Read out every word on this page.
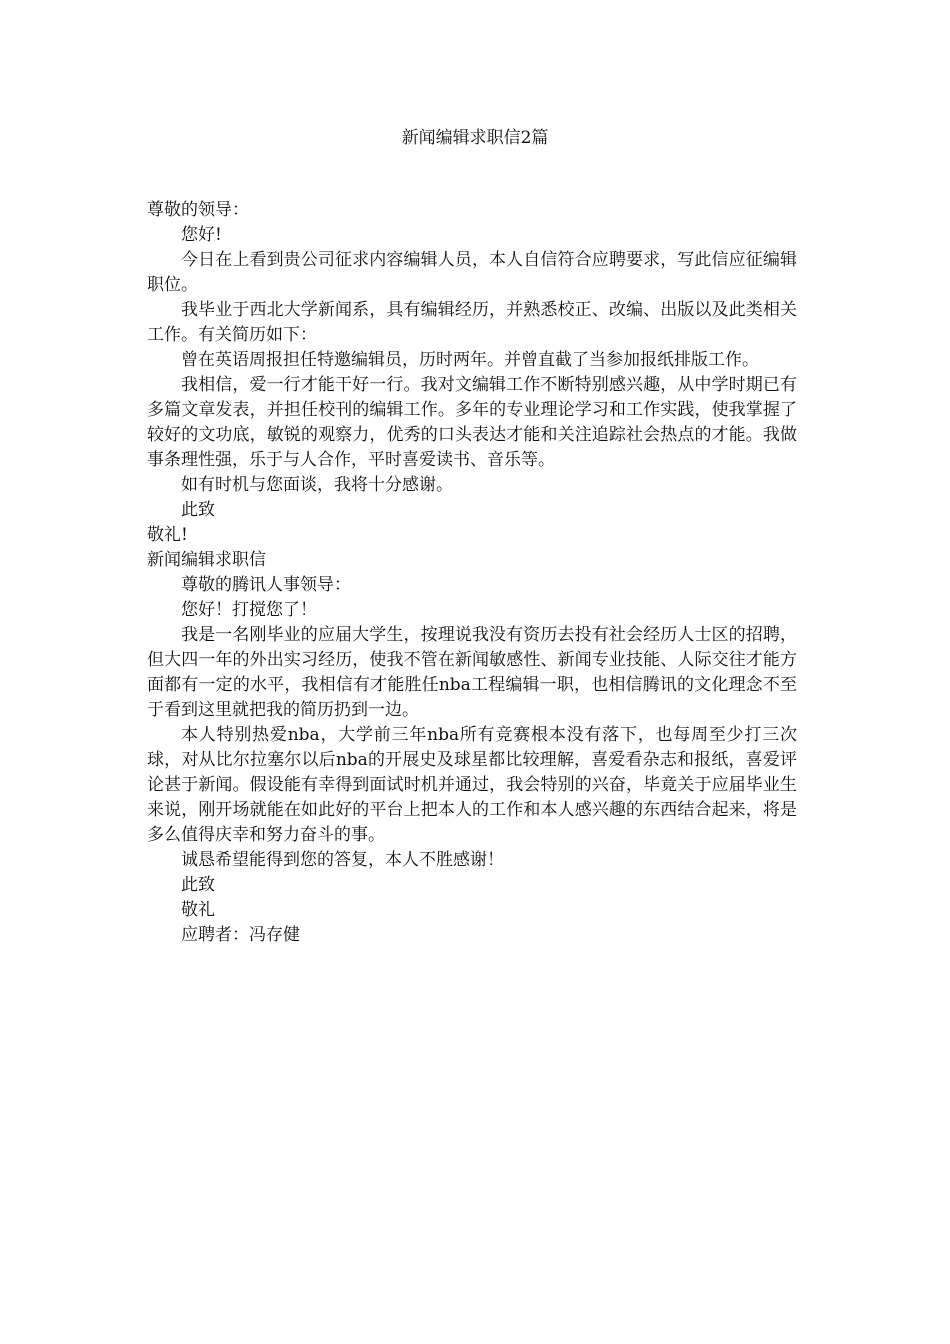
新闻编辑求职信2篇

尊敬的领导：

您好!

今日在上看到贵公司征求内容编辑人员，本人自信符合应聘要求，写此信应征编辑职位。

我毕业于西北大学新闻系，具有编辑经历，并熟悉校正、改编、出版以及此类相关工作。有关简历如下：

曾在英语周报担任特邀编辑员，历时两年。并曾直截了当参加报纸排版工作。

我相信，爱一行才能干好一行。我对文编辑工作不断特别感兴趣，从中学时期已有多篇文章发表，并担任校刊的编辑工作。多年的专业理论学习和工作实践，使我掌握了较好的文功底，敏锐的观察力，优秀的口头表达才能和关注追踪社会热点的才能。我做事条理性强，乐于与人合作，平时喜爱读书、音乐等。

如有时机与您面谈，我将十分感谢。

此致

敬礼!

新闻编辑求职信

尊敬的腾讯人事领导：

您好！打搅您了！

我是一名刚毕业的应届大学生，按理说我没有资历去投有社会经历人士区的招聘，但大四一年的外出实习经历，使我不管在新闻敏感性、新闻专业技能、人际交往才能方面都有一定的水平，我相信有才能胜任nba工程编辑一职，也相信腾讯的文化理念不至于看到这里就把我的简历扔到一边。

本人特别热爱nba，大学前三年nba所有竞赛根本没有落下，也每周至少打三次球，对从比尔拉塞尔以后nba的开展史及球星都比较理解，喜爱看杂志和报纸，喜爱评论甚于新闻。假设能有幸得到面试时机并通过，我会特别的兴奋，毕竟关于应届毕业生来说，刚开场就能在如此好的平台上把本人的工作和本人感兴趣的东西结合起来，将是多么值得庆幸和努力奋斗的事。

诚恳希望能得到您的答复，本人不胜感谢！

此致

敬礼

应聘者：冯存健
